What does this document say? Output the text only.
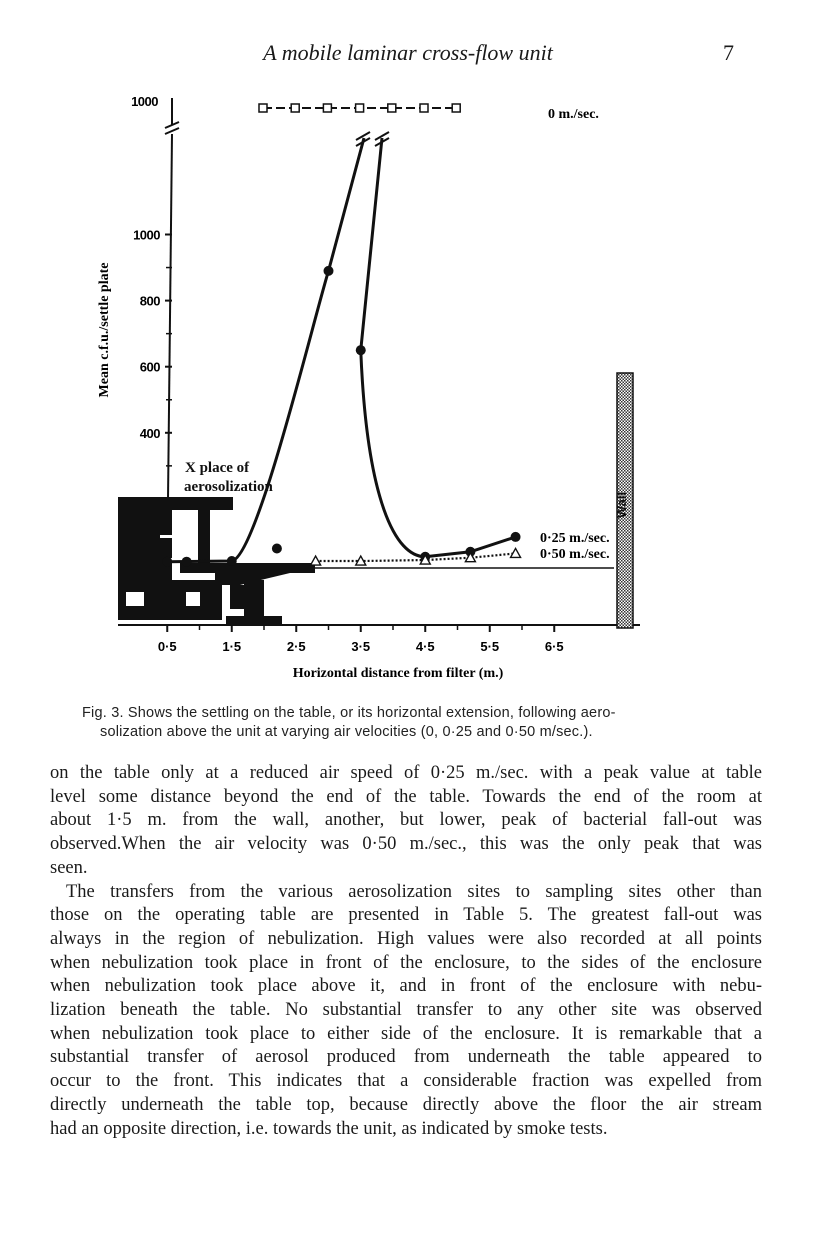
A mobile laminar cross-flow unit	7
Wall
X place of
aerosolization
1000
400
600
800
1000
Mean c.f.u./settle plate
0·5	1·5	2·5	3·5	4·5	5·5	6·5
Horizontal distance from filter (m.)
0 m./sec.
0·25 m./sec.
0·50 m./sec.
Fig. 3. Shows the settling on the table, or its horizontal extension, following aero-
solization above the unit at varying air velocities (0, 0·25 and 0·50 m/sec.).
on the table only at a reduced air speed of 0·25 m./sec. with a peak value at table
level some distance beyond the end of the table. Towards the end of the room at
about 1·5 m. from the wall, another, but lower, peak of bacterial fall-out was
observed.When the air velocity was 0·50 m./sec., this was the only peak that was
seen.
The transfers from the various aerosolization sites to sampling sites other than
those on the operating table are presented in Table 5. The greatest fall-out was
always in the region of nebulization. High values were also recorded at all points
when nebulization took place in front of the enclosure, to the sides of the enclosure
when nebulization took place above it, and in front of the enclosure with nebu-
lization beneath the table. No substantial transfer to any other site was observed
when nebulization took place to either side of the enclosure. It is remarkable that a
substantial transfer of aerosol produced from underneath the table appeared to
occur to the front. This indicates that a considerable fraction was expelled from
directly underneath the table top, because directly above the floor the air stream
had an opposite direction, i.e. towards the unit, as indicated by smoke tests.
